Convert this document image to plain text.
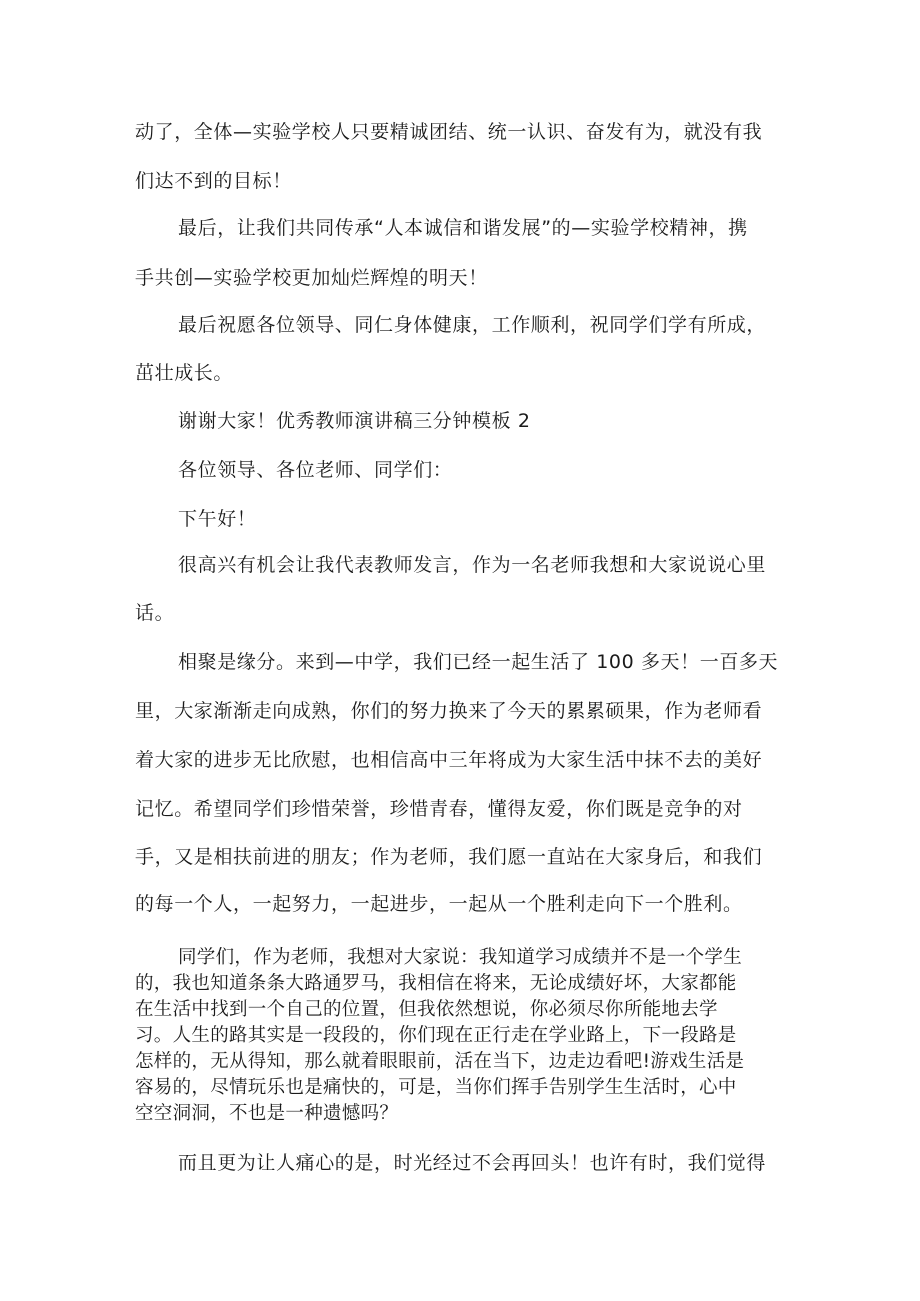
动了，全体—实验学校人只要精诚团结、统一认识、奋发有为，就没有我
们达不到的目标！
最后，让我们共同传承“人本诚信和谐发展”的—实验学校精神，携
手共创—实验学校更加灿烂辉煌的明天！
最后祝愿各位领导、同仁身体健康，工作顺利，祝同学们学有所成，
茁壮成长。
谢谢大家！优秀教师演讲稿三分钟模板 2
各位领导、各位老师、同学们：
下午好！
很高兴有机会让我代表教师发言，作为一名老师我想和大家说说心里
话。
相聚是缘分。来到—中学，我们已经一起生活了 100 多天！一百多天
里，大家渐渐走向成熟，你们的努力换来了今天的累累硕果，作为老师看
着大家的进步无比欣慰，也相信高中三年将成为大家生活中抹不去的美好
记忆。希望同学们珍惜荣誉，珍惜青春，懂得友爱，你们既是竞争的对
手，又是相扶前进的朋友；作为老师，我们愿一直站在大家身后，和我们
的每一个人，一起努力，一起进步，一起从一个胜利走向下一个胜利。
同学们，作为老师，我想对大家说：我知道学习成绩并不是一个学生
的，我也知道条条大路通罗马，我相信在将来，无论成绩好坏，大家都能
在生活中找到一个自己的位置，但我依然想说，你必须尽你所能地去学
习。人生的路其实是一段段的，你们现在正行走在学业路上，下一段路是
怎样的，无从得知，那么就着眼眼前，活在当下，边走边看吧!游戏生活是
容易的，尽情玩乐也是痛快的，可是，当你们挥手告别学生生活时，心中
空空洞洞，不也是一种遗憾吗？
而且更为让人痛心的是，时光经过不会再回头！也许有时，我们觉得
